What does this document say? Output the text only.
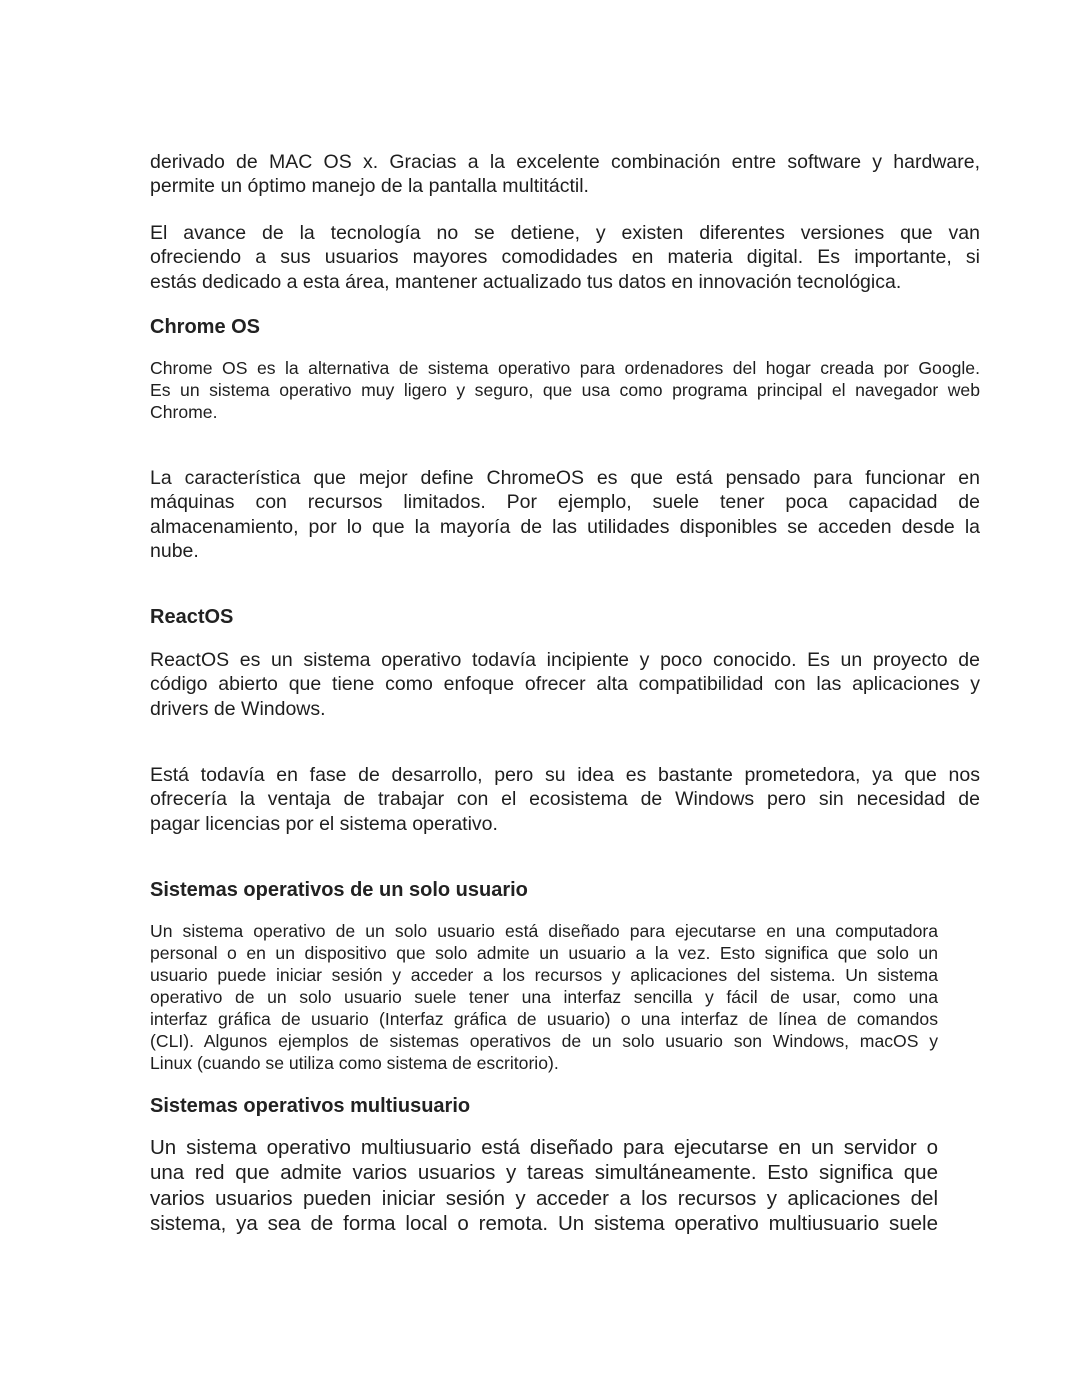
derivado de MAC OS x. Gracias a la excelente combinación entre software y hardware,
permite un óptimo manejo de la pantalla multitáctil.
El avance de la tecnología no se detiene, y existen diferentes versiones que van
ofreciendo a sus usuarios mayores comodidades en materia digital. Es importante, si
estás dedicado a esta área, mantener actualizado tus datos en innovación tecnológica.
Chrome OS
Chrome OS es la alternativa de sistema operativo para ordenadores del hogar creada por Google.
Es un sistema operativo muy ligero y seguro, que usa como programa principal el navegador web
Chrome.
La característica que mejor define ChromeOS es que está pensado para funcionar en
máquinas con recursos limitados. Por ejemplo, suele tener poca capacidad de
almacenamiento, por lo que la mayoría de las utilidades disponibles se acceden desde la
nube.
ReactOS
ReactOS es un sistema operativo todavía incipiente y poco conocido. Es un proyecto de
código abierto que tiene como enfoque ofrecer alta compatibilidad con las aplicaciones y
drivers de Windows.
Está todavía en fase de desarrollo, pero su idea es bastante prometedora, ya que nos
ofrecería la ventaja de trabajar con el ecosistema de Windows pero sin necesidad de
pagar licencias por el sistema operativo.
Sistemas operativos de un solo usuario
Un sistema operativo de un solo usuario está diseñado para ejecutarse en una computadora
personal o en un dispositivo que solo admite un usuario a la vez. Esto significa que solo un
usuario puede iniciar sesión y acceder a los recursos y aplicaciones del sistema. Un sistema
operativo de un solo usuario suele tener una interfaz sencilla y fácil de usar, como una
interfaz gráfica de usuario (Interfaz gráfica de usuario) o una interfaz de línea de comandos
(CLI). Algunos ejemplos de sistemas operativos de un solo usuario son Windows, macOS y
Linux (cuando se utiliza como sistema de escritorio).
Sistemas operativos multiusuario
Un sistema operativo multiusuario está diseñado para ejecutarse en un servidor o
una red que admite varios usuarios y tareas simultáneamente. Esto significa que
varios usuarios pueden iniciar sesión y acceder a los recursos y aplicaciones del
sistema, ya sea de forma local o remota. Un sistema operativo multiusuario suele
